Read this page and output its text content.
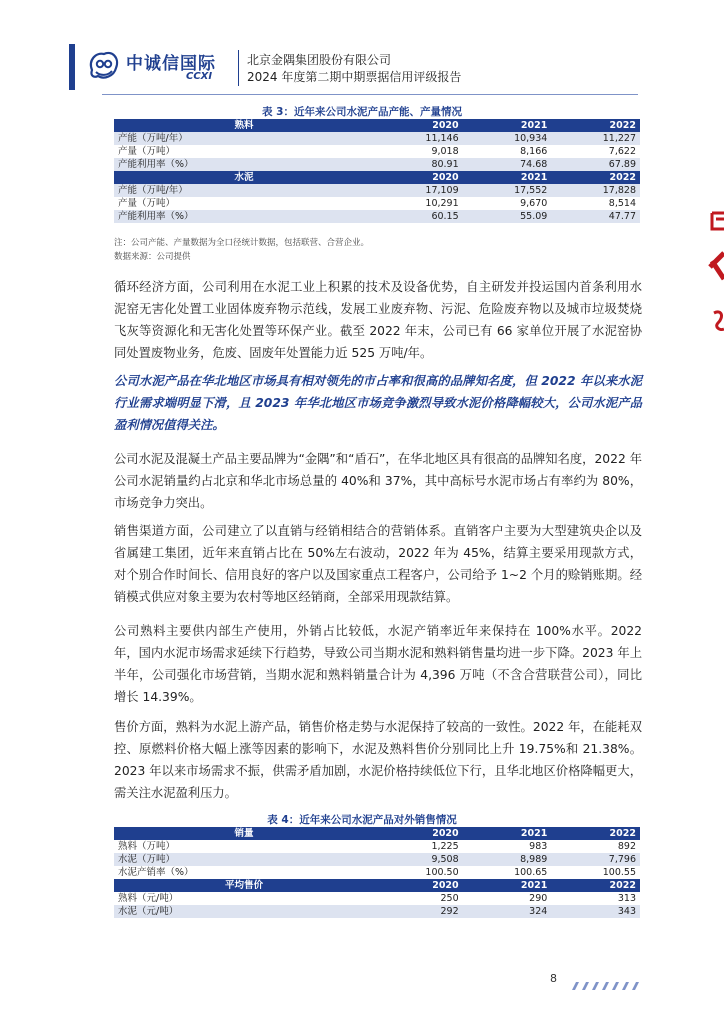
中诚信国际
CCXI
北京金隅集团股份有限公司
2024 年度第二期中期票据信用评级报告
表 3：近年来公司水泥产品产能、产量情况
熟料	2020	2021	2022
产能（万吨/年）	11,146	10,934	11,227
产量（万吨）	9,018	8,166	7,622
产能利用率（%）	80.91	74.68	67.89
水泥	2020	2021	2022
产能（万吨/年）	17,109	17,552	17,828
产量（万吨）	10,291	9,670	8,514
产能利用率（%）	60.15	55.09	47.77
注：公司产能、产量数据为全口径统计数据，包括联营、合营企业。
数据来源：公司提供
循环经济方面，公司利用在水泥工业上积累的技术及设备优势，自主研发并投运国内首条利用水泥窑无害化处置工业固体废弃物示范线，发展工业废弃物、污泥、危险废弃物以及城市垃圾焚烧飞灰等资源化和无害化处置等环保产业。截至 2022 年末，公司已有 66 家单位开展了水泥窑协同处置废物业务，危废、固废年处置能力近 525 万吨/年。
公司水泥产品在华北地区市场具有相对领先的市占率和很高的品牌知名度，但 2022 年以来水泥行业需求端明显下滑，且 2023 年华北地区市场竞争激烈导致水泥价格降幅较大，公司水泥产品盈利情况值得关注。
公司水泥及混凝土产品主要品牌为“金隅”和“盾石”，在华北地区具有很高的品牌知名度，2022 年公司水泥销量约占北京和华北市场总量的 40%和 37%，其中高标号水泥市场占有率约为 80%，市场竞争力突出。
销售渠道方面，公司建立了以直销与经销相结合的营销体系。直销客户主要为大型建筑央企以及省属建工集团，近年来直销占比在 50%左右波动，2022 年为 45%，结算主要采用现款方式，对个别合作时间长、信用良好的客户以及国家重点工程客户，公司给予 1~2 个月的赊销账期。经销模式供应对象主要为农村等地区经销商，全部采用现款结算。
公司熟料主要供内部生产使用，外销占比较低，水泥产销率近年来保持在 100%水平。2022 年，国内水泥市场需求延续下行趋势，导致公司当期水泥和熟料销售量均进一步下降。2023 年上半年，公司强化市场营销，当期水泥和熟料销量合计为 4,396 万吨（不含合营联营公司），同比增长 14.39%。
售价方面，熟料为水泥上游产品，销售价格走势与水泥保持了较高的一致性。2022 年，在能耗双控、原燃料价格大幅上涨等因素的影响下，水泥及熟料售价分别同比上升 19.75%和 21.38%。2023 年以来市场需求不振，供需矛盾加剧，水泥价格持续低位下行，且华北地区价格降幅更大，需关注水泥盈利压力。
表 4：近年来公司水泥产品对外销售情况
销量	2020	2021	2022
熟料（万吨）	1,225	983	892
水泥（万吨）	9,508	8,989	7,796
水泥产销率（%）	100.50	100.65	100.55
平均售价	2020	2021	2022
熟料（元/吨）	250	290	313
水泥（元/吨）	292	324	343
8
